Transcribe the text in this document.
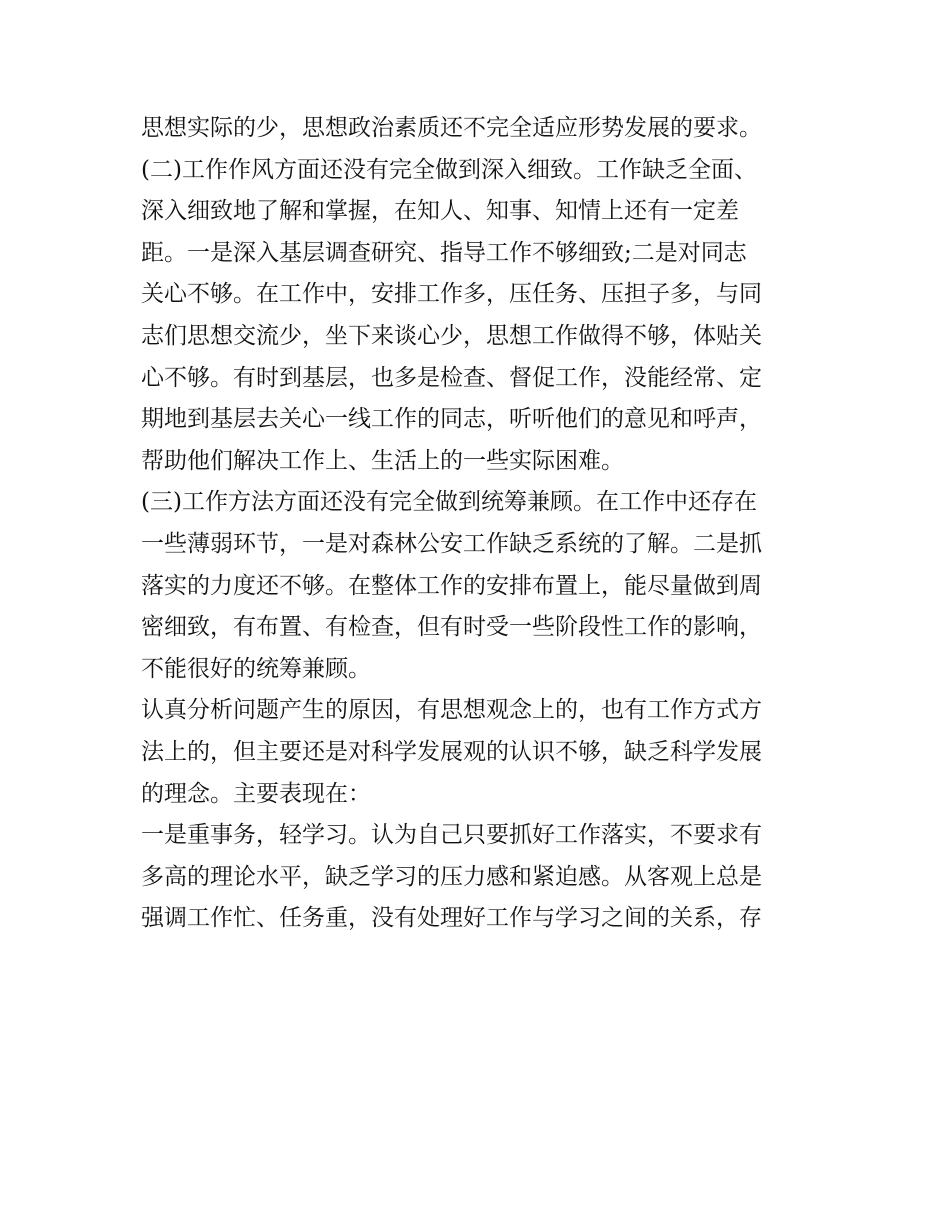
思想实际的少，思想政治素质还不完全适应形势发展的要求。
(二)工作作风方面还没有完全做到深入细致。工作缺乏全面、
深入细致地了解和掌握，在知人、知事、知情上还有一定差
距。一是深入基层调查研究、指导工作不够细致;二是对同志
关心不够。在工作中，安排工作多，压任务、压担子多，与同
志们思想交流少，坐下来谈心少，思想工作做得不够，体贴关
心不够。有时到基层，也多是检查、督促工作，没能经常、定
期地到基层去关心一线工作的同志，听听他们的意见和呼声，
帮助他们解决工作上、生活上的一些实际困难。
(三)工作方法方面还没有完全做到统筹兼顾。在工作中还存在
一些薄弱环节，一是对森林公安工作缺乏系统的了解。二是抓
落实的力度还不够。在整体工作的安排布置上，能尽量做到周
密细致，有布置、有检查，但有时受一些阶段性工作的影响，
不能很好的统筹兼顾。
认真分析问题产生的原因，有思想观念上的，也有工作方式方
法上的，但主要还是对科学发展观的认识不够，缺乏科学发展
的理念。主要表现在：
一是重事务，轻学习。认为自己只要抓好工作落实，不要求有
多高的理论水平，缺乏学习的压力感和紧迫感。从客观上总是
强调工作忙、任务重，没有处理好工作与学习之间的关系，存
